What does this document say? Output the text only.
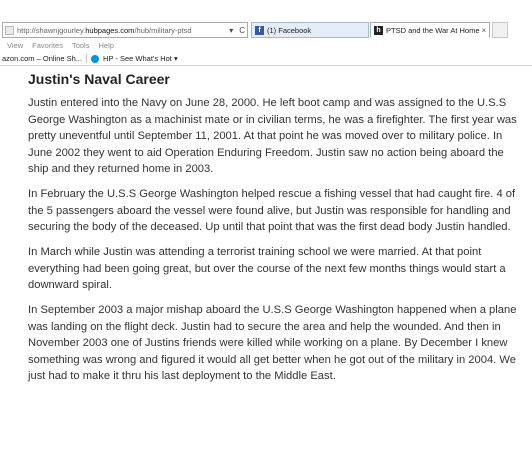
http://shawnjgourley. hubpages.com /hub/military-ptsd	▾ C	f (1) Facebook	h PTSD and the War At Home ×
View Favorites Tools Help
azon.com – Online Sh...	HP - See What's Hot ▾
Justin's Naval Career

Justin entered into the Navy on June 28, 2000. He left boot camp and was assigned to the U.S.S George Washington as a machinist mate or in civilian terms, he was a firefighter. The first year was pretty uneventful until September 11, 2001. At that point he was moved over to military police. In June 2002 they went to aid Operation Enduring Freedom. Justin saw no action being aboard the ship and they returned home in 2003.

In February the U.S.S George Washington helped rescue a fishing vessel that had caught fire. 4 of the 5 passengers aboard the vessel were found alive, but Justin was responsible for handling and securing the body of the deceased. Up until that point that was the first dead body Justin handled.

In March while Justin was attending a terrorist training school we were married. At that point everything had been going great, but over the course of the next few months things would start a downward spiral.

In September 2003 a major mishap aboard the U.S.S George Washington happened when a plane was landing on the flight deck. Justin had to secure the area and help the wounded. And then in November 2003 one of Justins friends were killed while working on a plane. By December I knew something was wrong and figured it would all get better when he got out of the military in 2004. We just had to make it thru his last deployment to the Middle East.
